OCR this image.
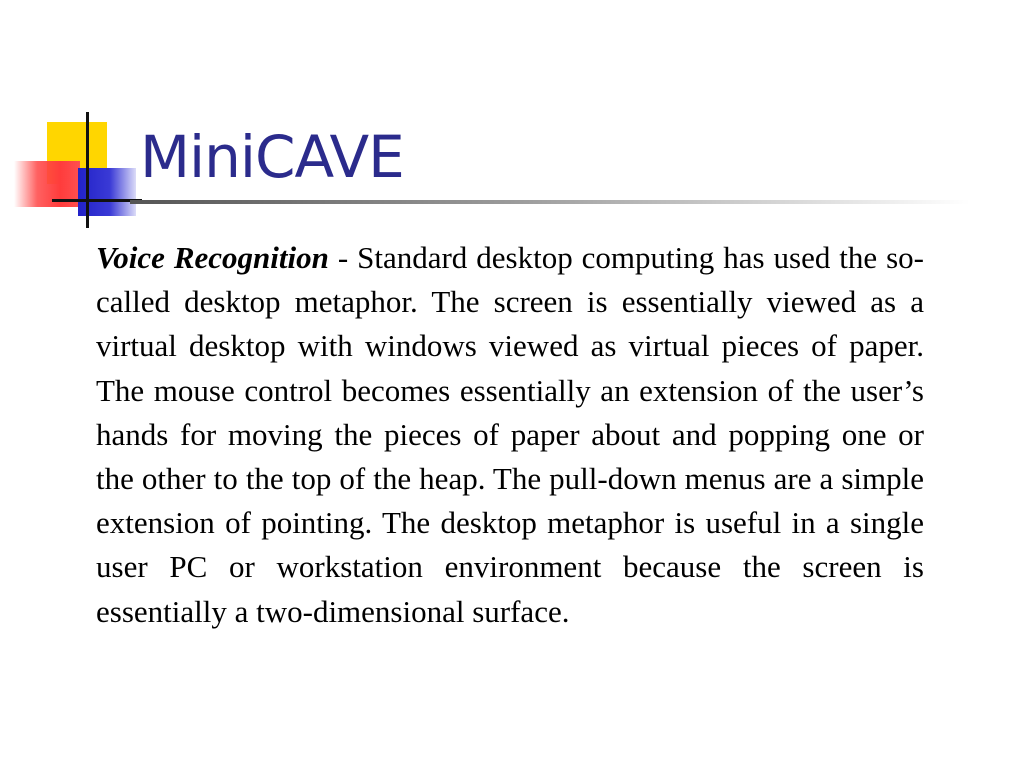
MiniCAVE

Voice Recognition - Standard desktop computing has used the so-called desktop metaphor. The screen is essentially viewed as a virtual desktop with windows viewed as virtual pieces of paper. The mouse control becomes essentially an extension of the user’s hands for moving the pieces of paper about and popping one or the other to the top of the heap. The pull-down menus are a simple extension of pointing. The desktop metaphor is useful in a single user PC or workstation environment because the screen is essentially a two-dimensional surface.
